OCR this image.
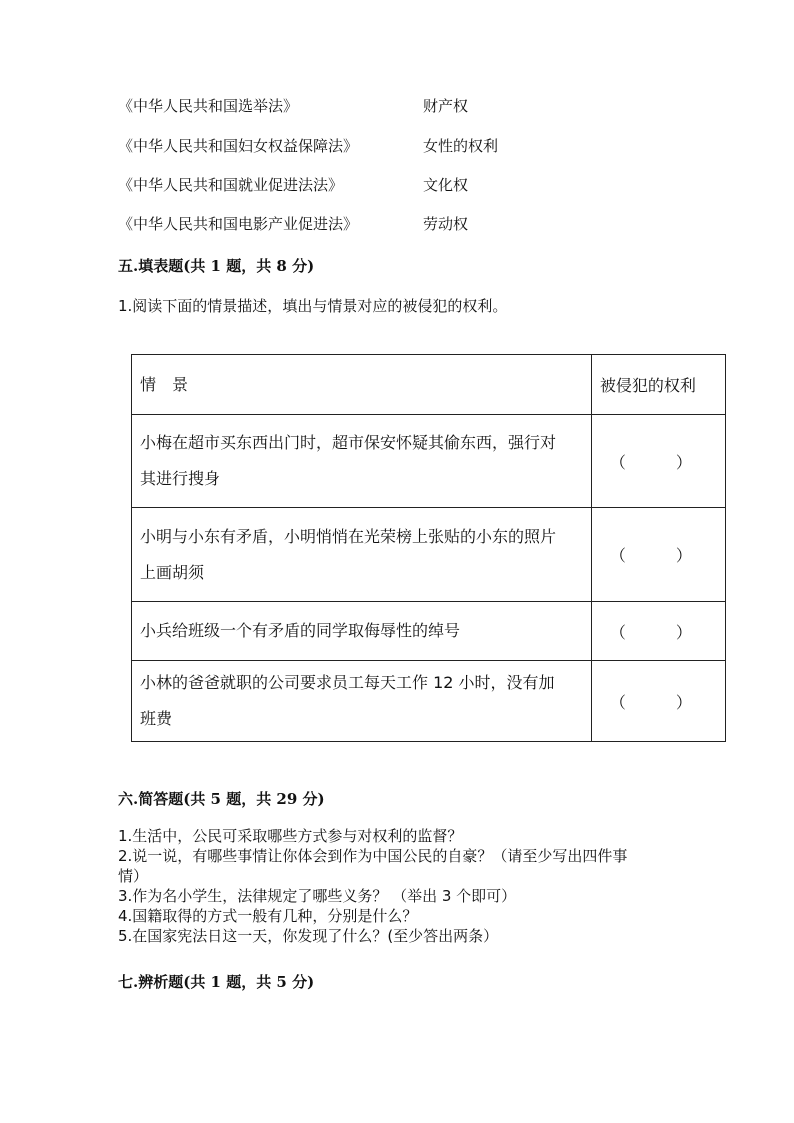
《中华人民共和国选举法》	财产权
《中华人民共和国妇女权益保障法》	女性的权利
《中华人民共和国就业促进法法》	文化权
《中华人民共和国电影产业促进法》	劳动权
五.填表题(共 1 题，共 8 分)
1.阅读下面的情景描述，填出与情景对应的被侵犯的权利。
情　景	被侵犯的权利

小梅在超市买东西出门时，超市保安怀疑其偷东西，强行对
其进行搜身	（ ）

小明与小东有矛盾，小明悄悄在光荣榜上张贴的小东的照片
上画胡须	（ ）

小兵给班级一个有矛盾的同学取侮辱性的绰号	（ ）

小林的爸爸就职的公司要求员工每天工作 12 小时，没有加
班费	（ ）
六.简答题(共 5 题，共 29 分)
1.生活中，公民可采取哪些方式参与对权利的监督？
2.说一说，有哪些事情让你体会到作为中国公民的自豪？（请至少写出四件事
情）
3.作为名小学生，法律规定了哪些义务？ （举出 3 个即可）
4.国籍取得的方式一般有几种，分别是什么？
5.在国家宪法日这一天，你发现了什么？(至少答出两条）
七.辨析题(共 1 题，共 5 分)
